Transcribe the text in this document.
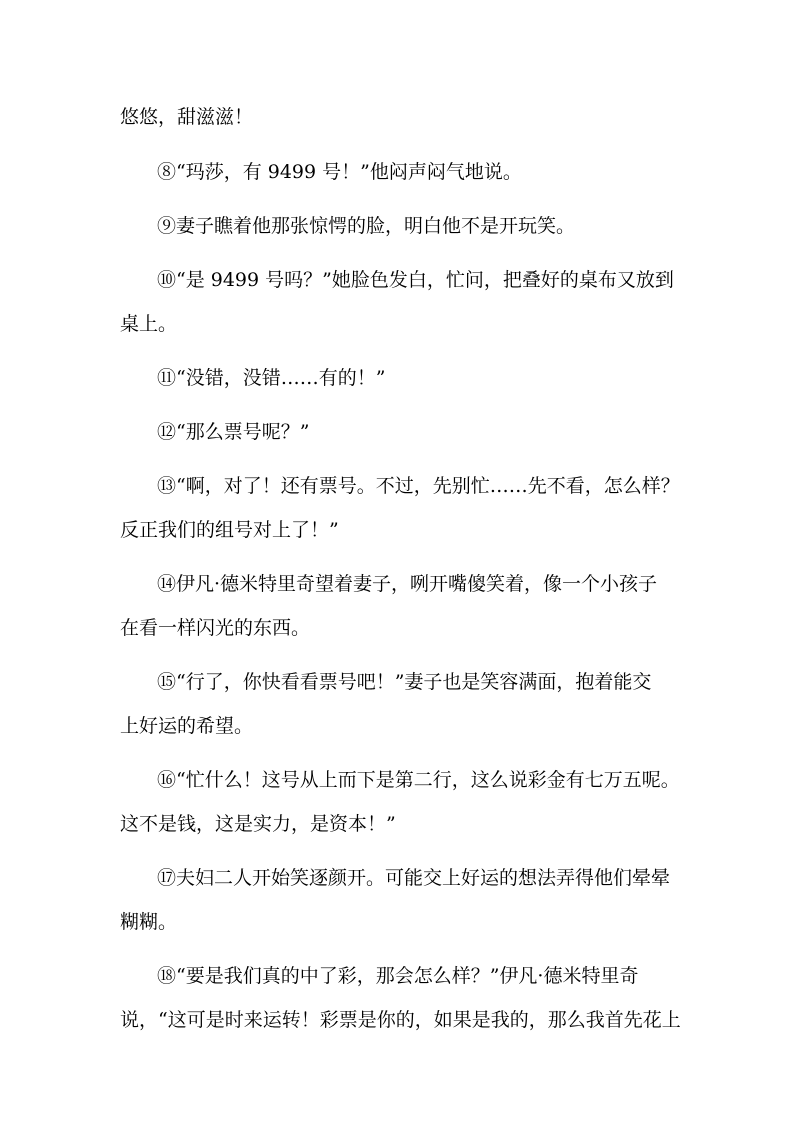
悠悠，甜滋滋！
⑧“玛莎，有 9499 号！”他闷声闷气地说。
⑨妻子瞧着他那张惊愕的脸，明白他不是开玩笑。
⑩“是 9499 号吗？”她脸色发白，忙问，把叠好的桌布又放到
桌上。
⑪“没错，没错……有的！”
⑫“那么票号呢？”
⑬“啊，对了！还有票号。不过，先别忙……先不看，怎么样？
反正我们的组号对上了！”
⑭伊凡·德米特里奇望着妻子，咧开嘴傻笑着，像一个小孩子
在看一样闪光的东西。
⑮“行了，你快看看票号吧！”妻子也是笑容满面，抱着能交
上好运的希望。
⑯“忙什么！这号从上而下是第二行，这么说彩金有七万五呢。
这不是钱，这是实力，是资本！”
⑰夫妇二人开始笑逐颜开。可能交上好运的想法弄得他们晕晕
糊糊。
⑱“要是我们真的中了彩，那会怎么样？”伊凡·德米特里奇
说，“这可是时来运转！彩票是你的，如果是我的，那么我首先花上
